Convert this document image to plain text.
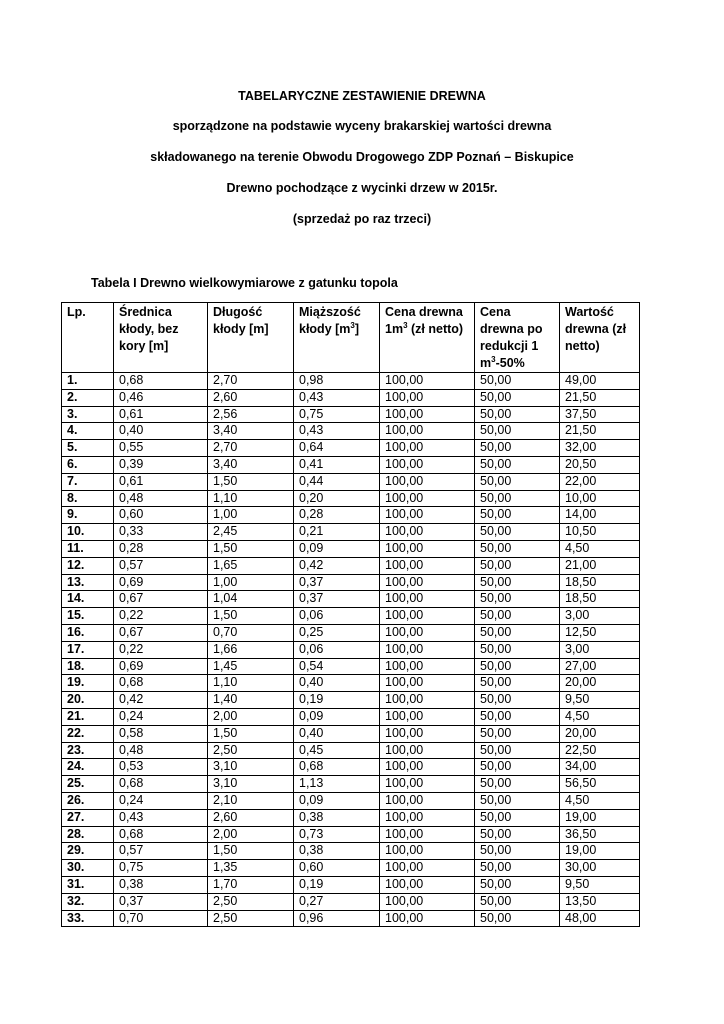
TABELARYCZNE ZESTAWIENIE DREWNA
sporządzone na podstawie wyceny brakarskiej wartości drewna
składowanego na terenie Obwodu Drogowego ZDP Poznań – Biskupice
Drewno pochodzące z wycinki drzew w 2015r.
(sprzedaż po raz trzeci)
Tabela I Drewno wielkowymiarowe z gatunku topola
Lp.	Średnica kłody, bez kory [m]	Długość kłody [m]	Miąższość kłody $[m^3]$	Cena drewna $1m^3$ (zł netto)	Cena drewna po redukcji 1 $m^3-50\%$	Wartość drewna (zł netto)
1.	0,68	2,70	0,98	100,00	50,00	49,00
2.	0,46	2,60	0,43	100,00	50,00	21,50
3.	0,61	2,56	0,75	100,00	50,00	37,50
4.	0,40	3,40	0,43	100,00	50,00	21,50
5.	0,55	2,70	0,64	100,00	50,00	32,00
6.	0,39	3,40	0,41	100,00	50,00	20,50
7.	0,61	1,50	0,44	100,00	50,00	22,00
8.	0,48	1,10	0,20	100,00	50,00	10,00
9.	0,60	1,00	0,28	100,00	50,00	14,00
10.	0,33	2,45	0,21	100,00	50,00	10,50
11.	0,28	1,50	0,09	100,00	50,00	4,50
12.	0,57	1,65	0,42	100,00	50,00	21,00
13.	0,69	1,00	0,37	100,00	50,00	18,50
14.	0,67	1,04	0,37	100,00	50,00	18,50
15.	0,22	1,50	0,06	100,00	50,00	3,00
16.	0,67	0,70	0,25	100,00	50,00	12,50
17.	0,22	1,66	0,06	100,00	50,00	3,00
18.	0,69	1,45	0,54	100,00	50,00	27,00
19.	0,68	1,10	0,40	100,00	50,00	20,00
20.	0,42	1,40	0,19	100,00	50,00	9,50
21.	0,24	2,00	0,09	100,00	50,00	4,50
22.	0,58	1,50	0,40	100,00	50,00	20,00
23.	0,48	2,50	0,45	100,00	50,00	22,50
24.	0,53	3,10	0,68	100,00	50,00	34,00
25.	0,68	3,10	1,13	100,00	50,00	56,50
26.	0,24	2,10	0,09	100,00	50,00	4,50
27.	0,43	2,60	0,38	100,00	50,00	19,00
28.	0,68	2,00	0,73	100,00	50,00	36,50
29.	0,57	1,50	0,38	100,00	50,00	19,00
30.	0,75	1,35	0,60	100,00	50,00	30,00
31.	0,38	1,70	0,19	100,00	50,00	9,50
32.	0,37	2,50	0,27	100,00	50,00	13,50
33.	0,70	2,50	0,96	100,00	50,00	48,00
